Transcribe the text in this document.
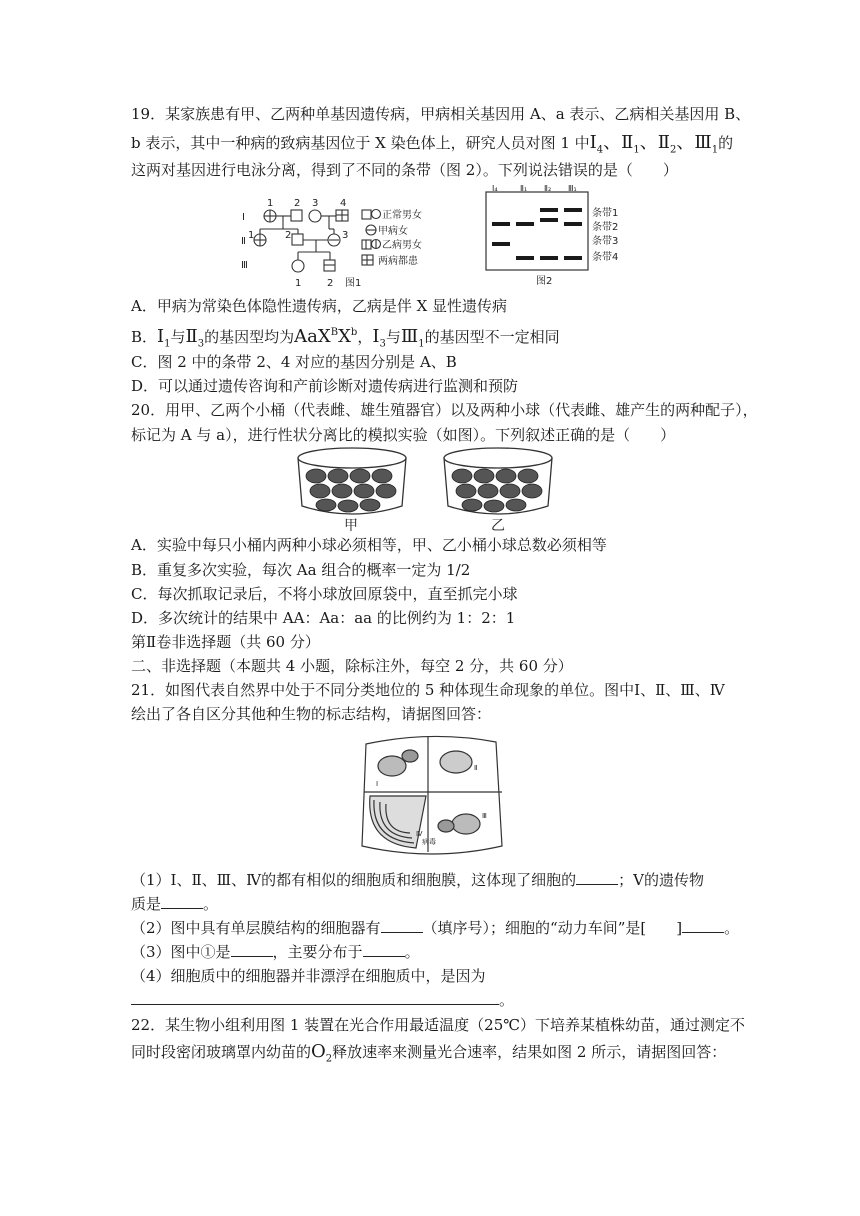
19．某家族患有甲、乙两种单基因遗传病，甲病相关基因用 A、a 表示、乙病相关基因用 B、
b 表示，其中一种病的致病基因位于 X 染色体上，研究人员对图 1 中$Ⅰ_4$、$Ⅱ_1$、$Ⅱ_2$、$Ⅲ_1$的
这两对基因进行电泳分离，得到了不同的条带（图 2）。下列说法错误的是（　　）
Ⅰ
Ⅱ
Ⅲ
1 2 3 4
1	2	3
1	2
正常男女
甲病女
乙病男女
两病都患
图1
Ⅰ₄	Ⅱ₁ Ⅱ₂ Ⅲ₁
条带1
条带2
条带3
条带4
图2
A．甲病为常染色体隐性遗传病，乙病是伴 X 显性遗传病
B．$Ⅰ_1$与$Ⅱ_3$的基因型均为$AaX^BX^b$，$Ⅰ_3$与$Ⅲ_1$的基因型不一定相同
C．图 2 中的条带 2、4 对应的基因分别是 A、B
D．可以通过遗传咨询和产前诊断对遗传病进行监测和预防
20．用甲、乙两个小桶（代表雌、雄生殖器官）以及两种小球（代表雌、雄产生的两种配子），
标记为 A 与 a），进行性状分离比的模拟实验（如图）。下列叙述正确的是（　　）
甲	乙
A．实验中每只小桶内两种小球必须相等，甲、乙小桶小球总数必须相等
B．重复多次实验，每次 Aa 组合的概率一定为 1/2
C．每次抓取记录后，不将小球放回原袋中，直至抓完小球
D．多次统计的结果中 AA：Aa：aa 的比例约为 1：2：1
第Ⅱ卷非选择题（共 60 分）
二、非选择题（本题共 4 小题，除标注外，每空 2 分，共 60 分）
21．如图代表自然界中处于不同分类地位的 5 种体现生命现象的单位。图中Ⅰ、Ⅱ、Ⅲ、Ⅳ
绘出了各自区分其他种生物的标志结构，请据图回答：
Ⅱ
Ⅲ
Ⅳ
病毒
Ⅰ
（1）Ⅰ、Ⅱ、Ⅲ、Ⅳ的都有相似的细胞质和细胞膜，这体现了细胞的	；Ⅴ的遗传物
质是	。
（2）图中具有单层膜结构的细胞器有	（填序号）；细胞的“动力车间”是[　　]	。
（3）图中①是	，主要分布于	。
（4）细胞质中的细胞器并非漂浮在细胞质中，是因为
。
22．某生物小组利用图 1 装置在光合作用最适温度（25℃）下培养某植株幼苗，通过测定不
同时段密闭玻璃罩内幼苗的$O_2$释放速率来测量光合速率，结果如图 2 所示，请据图回答：
